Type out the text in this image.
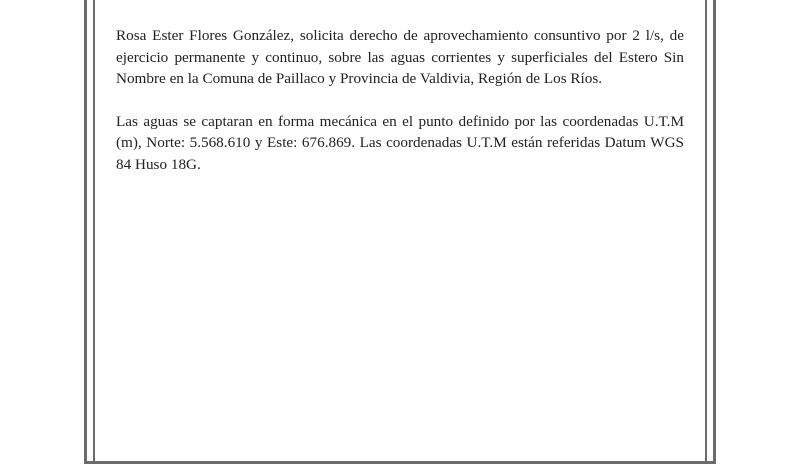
Rosa Ester Flores González, solicita derecho de aprovechamiento consuntivo por 2 l/s, de ejercicio permanente y continuo, sobre las aguas corrientes y superficiales del Estero Sin Nombre en la Comuna de Paillaco y Provincia de Valdivia, Región de Los Ríos.

Las aguas se captaran en forma mecánica en el punto definido por las coordenadas U.T.M (m), Norte: 5.568.610 y Este: 676.869. Las coordenadas U.T.M están referidas Datum WGS 84 Huso 18G.
